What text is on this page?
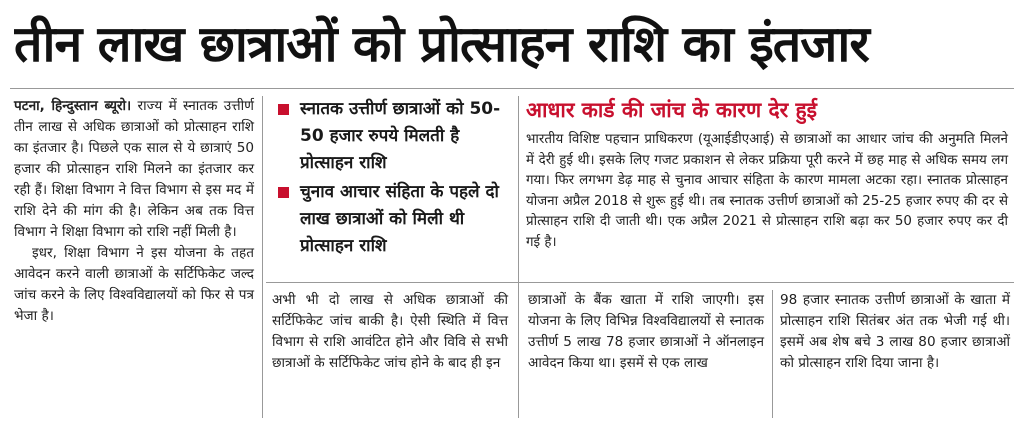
तीन लाख छात्राओं को प्रोत्साहन राशि का इंतजार

पटना, हिन्दुस्तान ब्यूरो। राज्य में स्नातक उत्तीर्ण तीन लाख से अधिक छात्राओं को प्रोत्साहन राशि का इंतजार है। पिछले एक साल से ये छात्राएं 50 हजार की प्रोत्साहन राशि मिलने का इंतजार कर रही हैं। शिक्षा विभाग ने वित्त विभाग से इस मद में राशि देने की मांग की है। लेकिन अब तक वित्त विभाग ने शिक्षा विभाग को राशि नहीं मिली है।

इधर, शिक्षा विभाग ने इस योजना के तहत आवेदन करने वाली छात्राओं के सर्टिफिकेट जल्द जांच करने के लिए विश्वविद्यालयों को फिर से पत्र भेजा है।

स्नातक उत्तीर्ण छात्राओं को 50-50 हजार रुपये मिलती है प्रोत्साहन राशि
चुनाव आचार संहिता के पहले दो लाख छात्राओं को मिली थी प्रोत्साहन राशि
आधार कार्ड की जांच के कारण देर हुई

भारतीय विशिष्ट पहचान प्राधिकरण (यूआईडीएआई) से छात्राओं का आधार जांच की अनुमति मिलने में देरी हुई थी। इसके लिए गजट प्रकाशन से लेकर प्रक्रिया पूरी करने में छह माह से अधिक समय लग गया। फिर लगभग डेढ़ माह से चुनाव आचार संहिता के कारण मामला अटका रहा। स्नातक प्रोत्साहन योजना अप्रैल 2018 से शुरू हुई थी। तब स्नातक उत्तीर्ण छात्राओं को 25-25 हजार रुपए की दर से प्रोत्साहन राशि दी जाती थी। एक अप्रैल 2021 से प्रोत्साहन राशि बढ़ा कर 50 हजार रुपए कर दी गई है।

अभी भी दो लाख से अधिक छात्राओं की सर्टिफिकेट जांच बाकी है। ऐसी स्थिति में वित्त विभाग से राशि आवंटित होने और विवि से सभी छात्राओं के सर्टिफिकेट जांच होने के बाद ही इन

छात्राओं के बैंक खाता में राशि जाएगी। इस योजना के लिए विभिन्न विश्वविद्यालयों से स्नातक उत्तीर्ण 5 लाख 78 हजार छात्राओं ने ऑनलाइन आवेदन किया था। इसमें से एक लाख

98 हजार स्नातक उत्तीर्ण छात्राओं के खाता में प्रोत्साहन राशि सितंबर अंत तक भेजी गई थी। इसमें अब शेष बचे 3 लाख 80 हजार छात्राओं को प्रोत्साहन राशि दिया जाना है।
